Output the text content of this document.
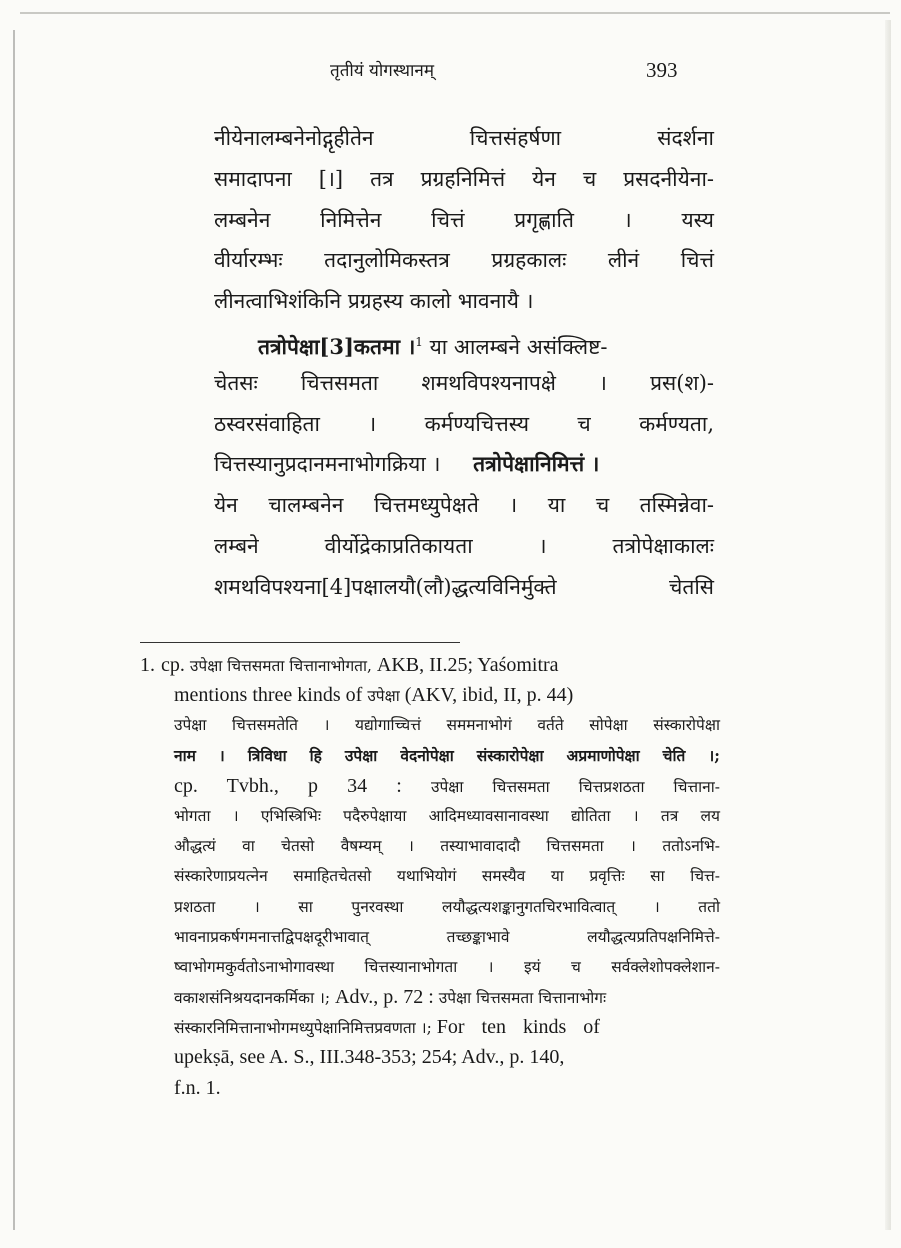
तृतीयं योगस्थानम्	393
नीयेनालम्बनेनोद्गृहीतेन चित्तसंहर्षणा संदर्शना
समादापना [।] तत्र प्रग्रहनिमित्तं येन च प्रसदनीयेना-
लम्बनेन निमित्तेन चित्तं प्रगृह्णाति । यस्य
वीर्यारम्भः तदानुलोमिकस्तत्र प्रग्रहकालः लीनं चित्तं
लीनत्वाभिशंकिनि प्रग्रहस्य कालो भावनायै ।
तत्रोपेक्षा[3]कतमा ।$^1$ या आलम्बने असंक्लिष्ट-
चेतसः चित्तसमता शमथविपश्यनापक्षे । प्रस(श)-
ठस्वरसंवाहिता । कर्मण्यचित्तस्य च कर्मण्यता,
चित्तस्यानुप्रदानमनाभोगक्रिया । तत्रोपेक्षानिमित्तं ।
येन चालम्बनेन चित्तमध्युपेक्षते । या च तस्मिन्नेवा-
लम्बने वीर्योद्रेकाप्रतिकायता । तत्रोपेक्षाकालः
शमथविपश्यना[4]पक्षालयौ(लौ)द्धत्यविनिर्मुक्ते चेतसि
1. cp. उपेक्षा चित्तसमता चित्तानाभोगता, AKB, II.25; Yaśomitra
mentions three kinds of उपेक्षा (AKV, ibid, II, p. 44)
उपेक्षा चित्तसमतेति । यद्योगाच्चित्तं सममनाभोगं वर्तते सोपेक्षा संस्कारोपेक्षा
नाम । त्रिविधा हि उपेक्षा वेदनोपेक्षा संस्कारोपेक्षा अप्रमाणोपेक्षा चेति ।;
cp. Tvbh., p 34 : उपेक्षा चित्तसमता चित्तप्रशठता चित्ताना-
भोगता । एभिस्त्रिभिः पदैरुपेक्षाया आदिमध्यावसानावस्था द्योतिता । तत्र लय
औद्धत्यं वा चेतसो वैषम्यम् । तस्याभावादादौ चित्तसमता । ततोऽनभि-
संस्कारेणाप्रयत्नेन समाहितचेतसो यथाभियोगं समस्यैव या प्रवृत्तिः सा चित्त-
प्रशठता । सा पुनरवस्था लयौद्धत्यशङ्कानुगतचिरभावित्वात् । ततो
भावनाप्रकर्षगमनात्तद्विपक्षदूरीभावात् तच्छङ्काभावे लयौद्धत्यप्रतिपक्षनिमित्ते-
ष्वाभोगमकुर्वतोऽनाभोगावस्था चित्तस्यानाभोगता । इयं च सर्वक्लेशोपक्लेशान-
वकाशसंनिश्रयदानकर्मिका ।; Adv., p. 72 : उपेक्षा चित्तसमता चित्तानाभोगः
संस्कारनिमित्तानाभोगमध्युपेक्षानिमित्तप्रवणता ।; For ten kinds of
upekṣā, see A. S., III.348-353; 254; Adv., p. 140,
f.n. 1.
